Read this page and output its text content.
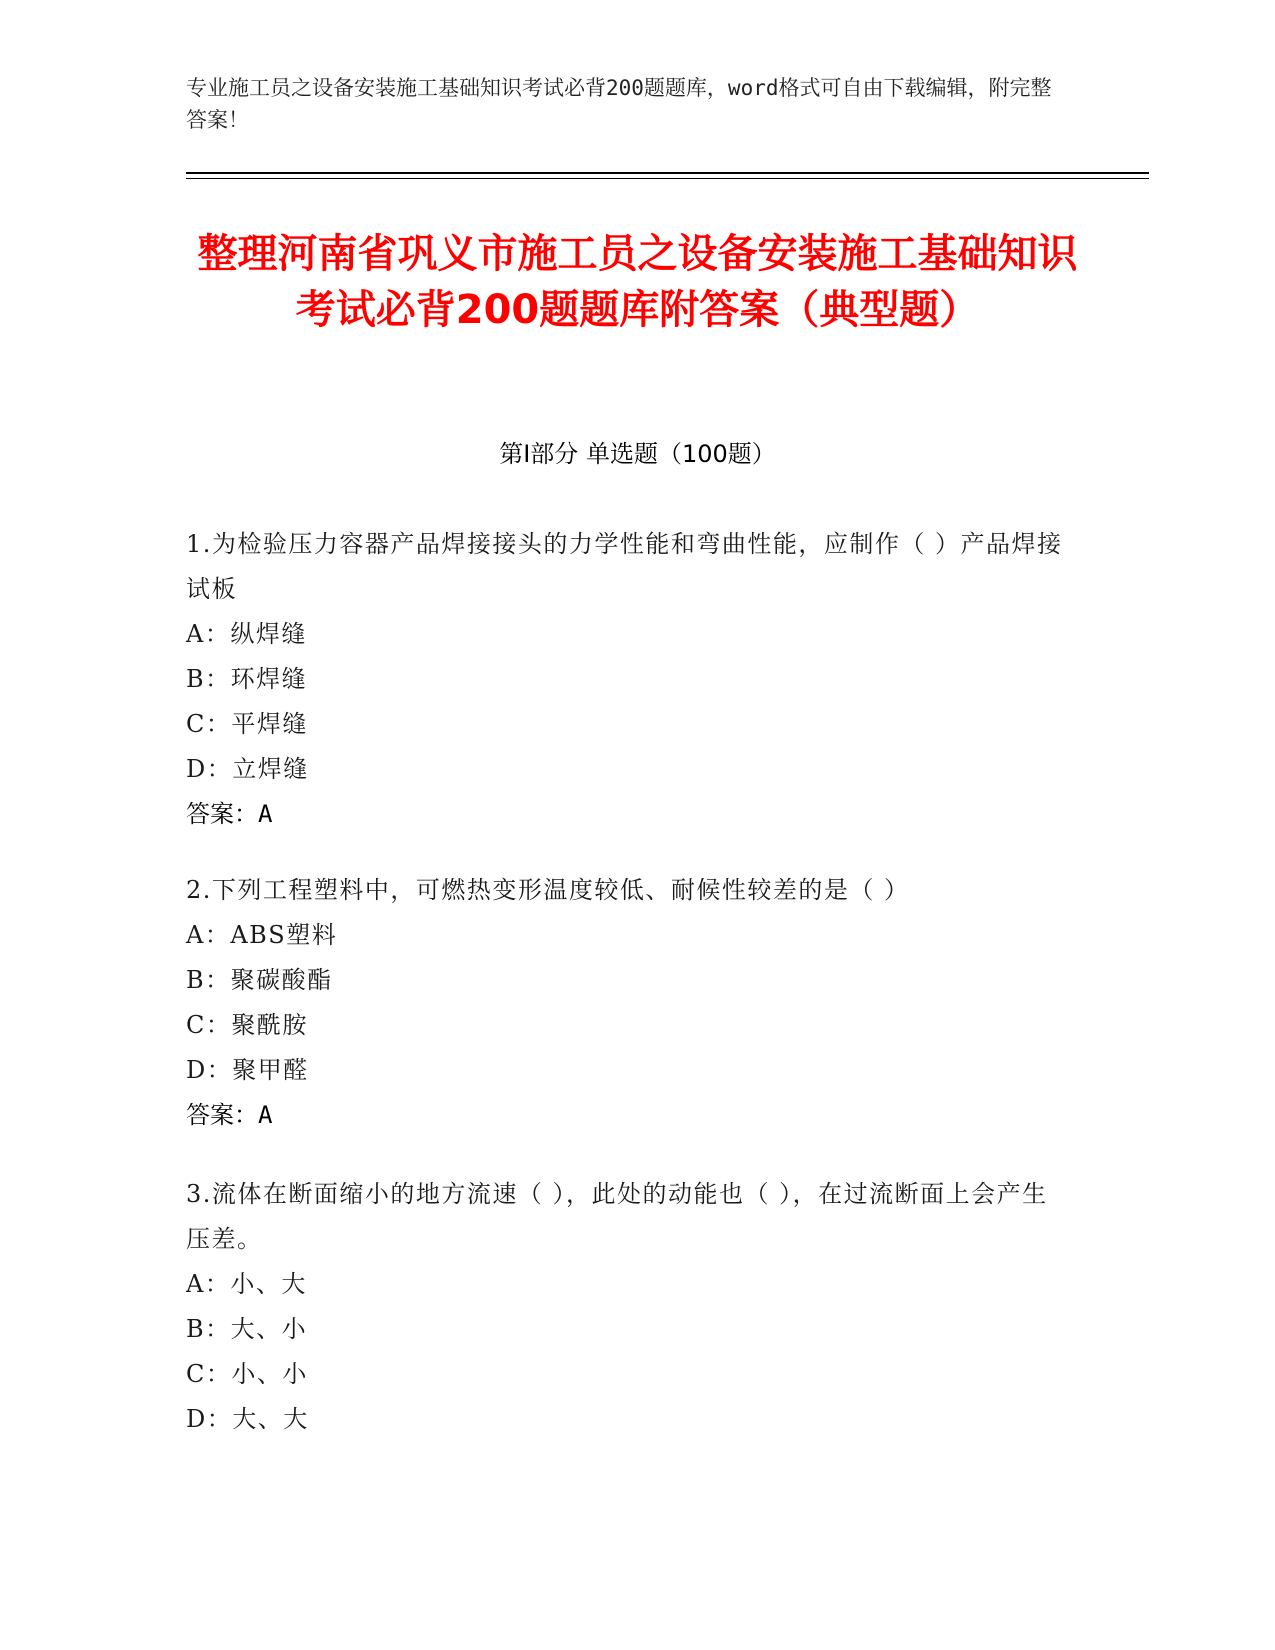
专业施工员之设备安装施工基础知识考试必背200题题库，word格式可自由下载编辑，附完整答案！
整理河南省巩义市施工员之设备安装施工基础知识考试必背200题题库附答案（典型题）
第I部分 单选题（100题）
1.为检验压力容器产品焊接接头的力学性能和弯曲性能，应制作（ ）产品焊接试板
A：纵焊缝
B：环焊缝
C：平焊缝
D：立焊缝
答案：A
2.下列工程塑料中，可燃热变形温度较低、耐候性较差的是（ ）
A：ABS塑料
B：聚碳酸酯
C：聚酰胺
D：聚甲醛
答案：A
3.流体在断面缩小的地方流速（ ），此处的动能也（ ），在过流断面上会产生压差。
A：小、大
B：大、小
C：小、小
D：大、大
